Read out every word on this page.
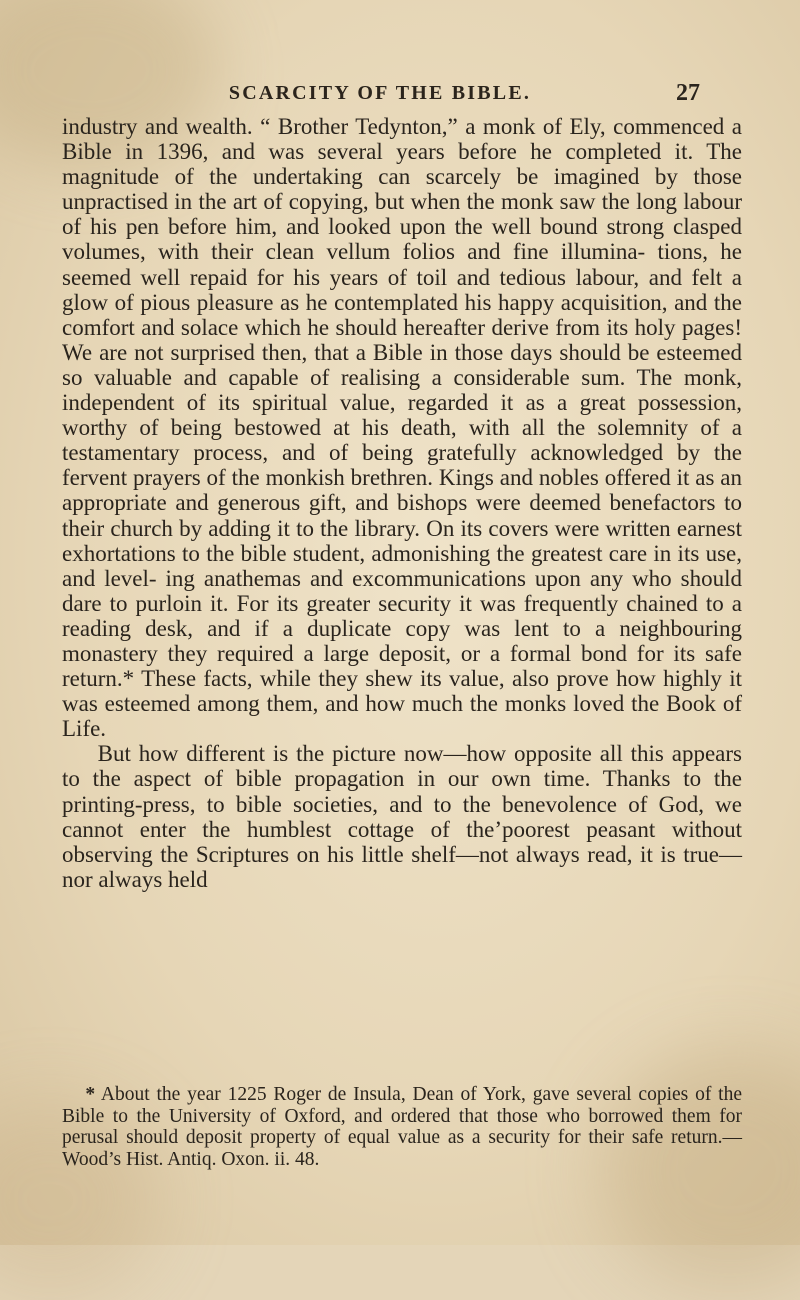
SCARCITY OF THE BIBLE.	27

industry and wealth. “ Brother Tedynton,” a monk of Ely, commenced a Bible in 1396, and was several years before he completed it. The magnitude of the undertaking can scarcely be imagined by those unpractised in the art of copying, but when the monk saw the long labour of his pen before him, and looked upon the well bound strong clasped volumes, with their clean vellum folios and fine illumina- tions, he seemed well repaid for his years of toil and tedious labour, and felt a glow of pious pleasure as he contemplated his happy acquisition, and the comfort and solace which he should hereafter derive from its holy pages! We are not surprised then, that a Bible in those days should be esteemed so valuable and capable of realising a considerable sum. The monk, independent of its spiritual value, regarded it as a great possession, worthy of being bestowed at his death, with all the solemnity of a testamentary process, and of being gratefully acknowledged by the fervent prayers of the monkish brethren. Kings and nobles offered it as an appropriate and generous gift, and bishops were deemed benefactors to their church by adding it to the library. On its covers were written earnest exhortations to the bible student, admonishing the greatest care in its use, and level- ing anathemas and excommunications upon any who should dare to purloin it. For its greater security it was frequently chained to a reading desk, and if a duplicate copy was lent to a neighbouring monastery they required a large deposit, or a formal bond for its safe return.* These facts, while they shew its value, also prove how highly it was esteemed among them, and how much the monks loved the Book of Life.

But how different is the picture now—how opposite all this appears to the aspect of bible propagation in our own time. Thanks to the printing-press, to bible societies, and to the benevolence of God, we cannot enter the humblest cottage of the’poorest peasant without observing the Scriptures on his little shelf—not always read, it is true—nor always held

* About the year 1225 Roger de Insula, Dean of York, gave several copies of the Bible to the University of Oxford, and ordered that those who borrowed them for perusal should deposit property of equal value as a security for their safe return.—Wood’s Hist. Antiq. Oxon. ii. 48.
